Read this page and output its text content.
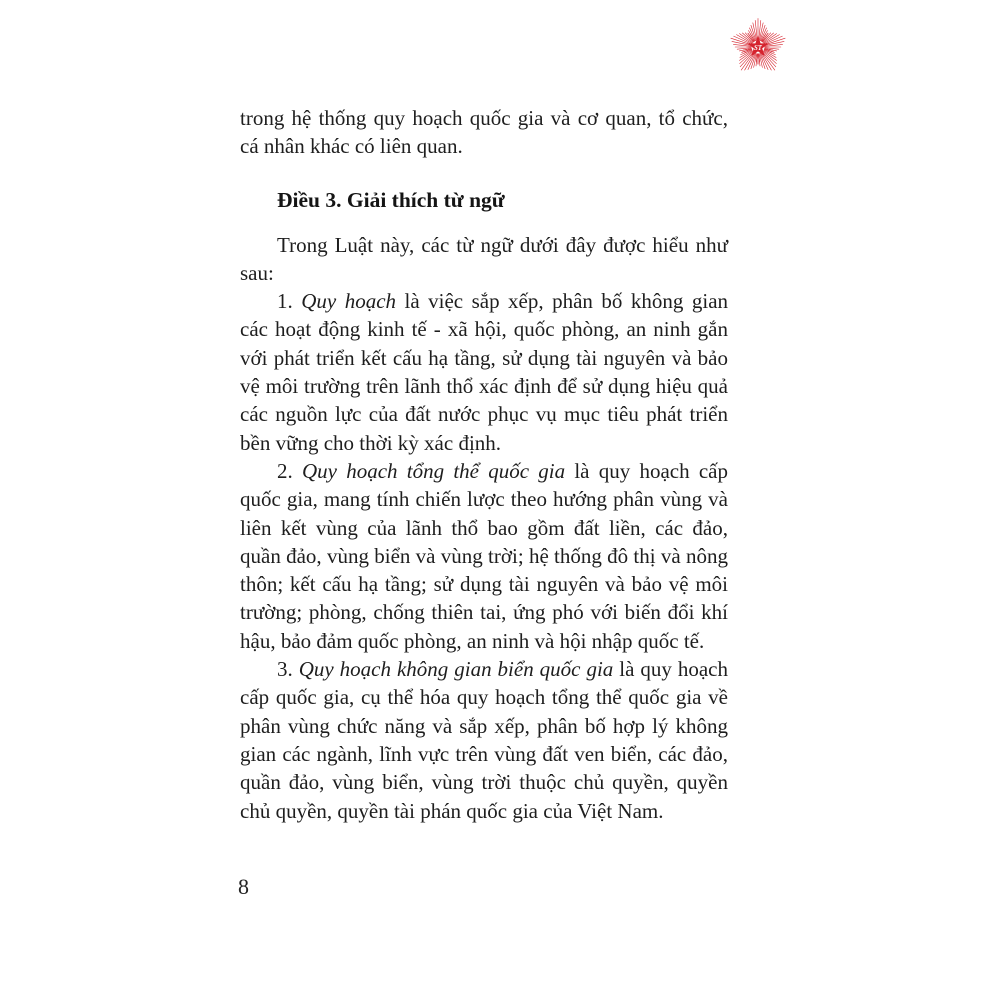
ST

trong hệ thống quy hoạch quốc gia và cơ quan, tổ chức, cá nhân khác có liên quan.

Điều 3. Giải thích từ ngữ

Trong Luật này, các từ ngữ dưới đây được hiểu như sau:

1. Quy hoạch là việc sắp xếp, phân bố không gian các hoạt động kinh tế - xã hội, quốc phòng, an ninh gắn với phát triển kết cấu hạ tầng, sử dụng tài nguyên và bảo vệ môi trường trên lãnh thổ xác định để sử dụng hiệu quả các nguồn lực của đất nước phục vụ mục tiêu phát triển bền vững cho thời kỳ xác định.

2. Quy hoạch tổng thể quốc gia là quy hoạch cấp quốc gia, mang tính chiến lược theo hướng phân vùng và liên kết vùng của lãnh thổ bao gồm đất liền, các đảo, quần đảo, vùng biển và vùng trời; hệ thống đô thị và nông thôn; kết cấu hạ tầng; sử dụng tài nguyên và bảo vệ môi trường; phòng, chống thiên tai, ứng phó với biến đổi khí hậu, bảo đảm quốc phòng, an ninh và hội nhập quốc tế.

3. Quy hoạch không gian biển quốc gia là quy hoạch cấp quốc gia, cụ thể hóa quy hoạch tổng thể quốc gia về phân vùng chức năng và sắp xếp, phân bố hợp lý không gian các ngành, lĩnh vực trên vùng đất ven biển, các đảo, quần đảo, vùng biển, vùng trời thuộc chủ quyền, quyền chủ quyền, quyền tài phán quốc gia của Việt Nam.

8
